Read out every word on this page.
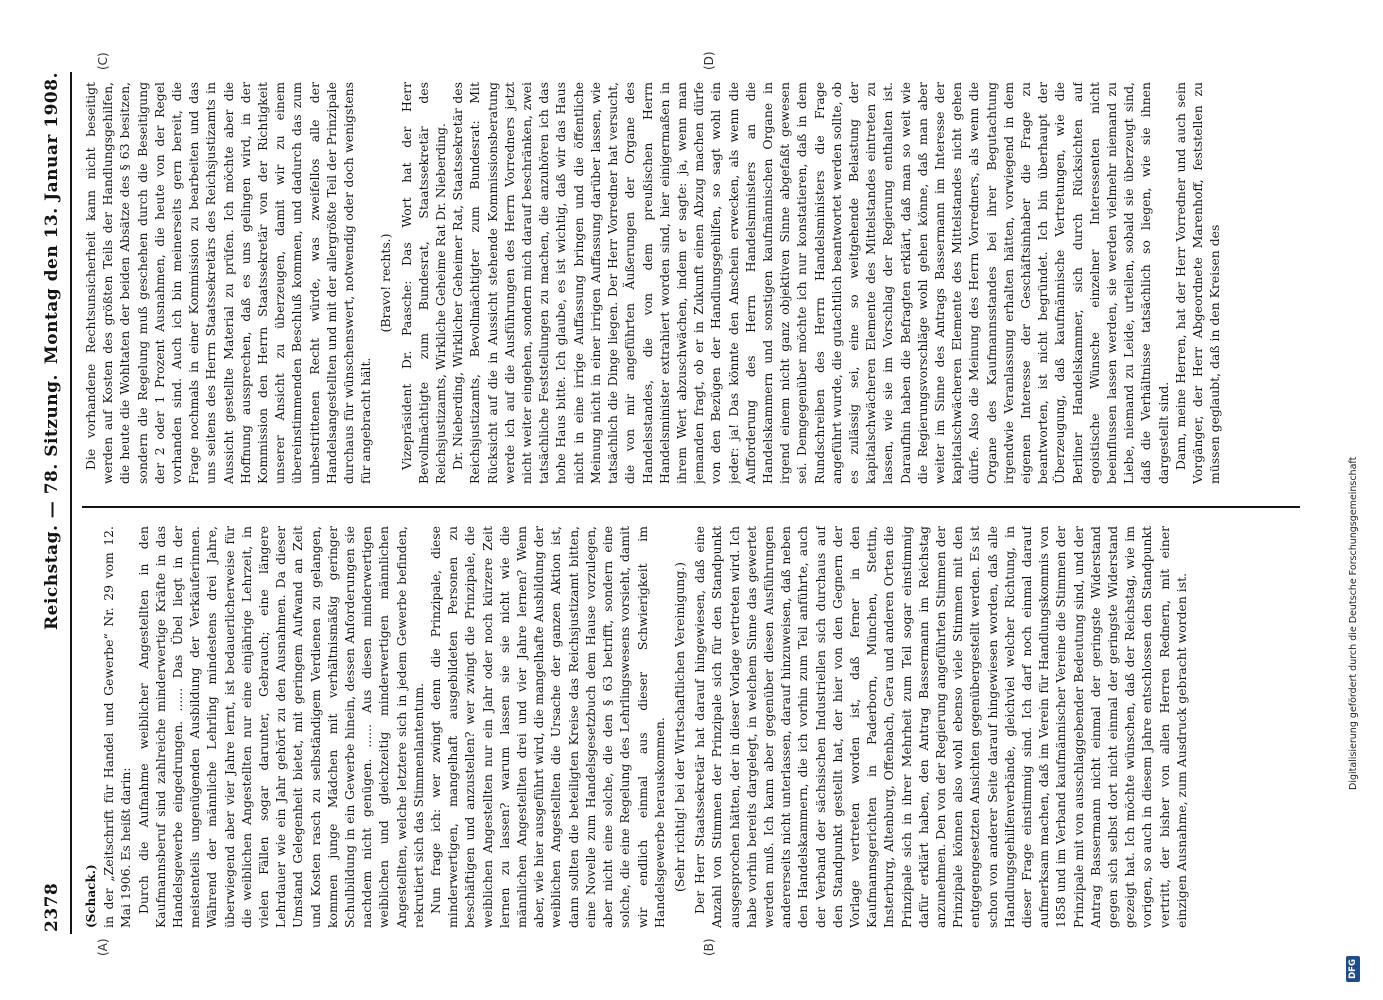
2378
Reichstag. — 78. Sitzung.
Montag den 13. Januar 1908.
(A)	(B)
(C)	(D)

(Schack.) in der „Zeitschrift für Handel und Gewerbe“ Nr. 29 vom 12. Mai 1906. Es heißt darin: Durch die Aufnahme weiblicher Angestellten in den Kaufmannsberuf sind zahlreiche minderwertige Kräfte in das Handelsgewerbe eingedrungen. ...... Das Übel liegt in der meistenteils ungenügenden Ausbildung der Verkäuferinnen. Während der männliche Lehrling mindestens drei Jahre, überwiegend aber vier Jahre lernt, ist bedauerlicherweise für die weiblichen Angestellten nur eine einjährige Lehrzeit, in vielen Fällen sogar darunter, Gebrauch; eine längere Lehrdauer wie ein Jahr gehört zu den Ausnahmen. Da dieser Umstand Gelegenheit bietet, mit geringem Aufwand an Zeit und Kosten rasch zu selbständigem Verdienen zu gelangen, kommen junge Mädchen mit verhältnismäßig geringer Schulbildung in ein Gewerbe hinein, dessen Anforderungen sie nachdem nicht genügen. ...... Aus diesen minderwertigen weiblichen und gleichzeitig minderwertigen männlichen Angestellten, welche letztere sich in jedem Gewerbe befinden, rekrutiert sich das Stimmenlantentum. Nun frage ich: wer zwingt denn die Prinzipale, diese minderwertigen, mangelhaft ausgebildeten Personen zu beschäftigen und anzustellen? wer zwingt die Prinzipale, die weiblichen Angestellten nur ein Jahr oder noch kürzere Zeit lernen zu lassen? warum lassen sie sie nicht wie die männlichen Angestellten drei und vier Jahre lernen? Wenn aber, wie hier ausgeführt wird, die mangelhafte Ausbildung der weiblichen Angestellten die Ursache der ganzen Aktion ist, dann sollten die beteiligten Kreise das Reichsjustizamt bitten, eine Novelle zum Handelsgesetzbuch dem Hause vorzulegen, aber nicht eine solche, die den § 63 betrifft, sondern eine solche, die eine Regelung des Lehrlingswesens vorsieht, damit wir endlich einmal aus dieser Schwierigkeit im Handelsgewerbe herauskommen. (Sehr richtig! bei der Wirtschaftlichen Vereinigung.) Der Herr Staatssekretär hat darauf hingewiesen, daß eine Anzahl von Stimmen der Prinzipale sich für den Standpunkt ausgesprochen hätten, der in dieser Vorlage vertreten wird. Ich habe vorhin bereits dargelegt, in welchem Sinne das gewertet werden muß. Ich kann aber gegenüber diesen Ausführungen andererseits nicht unterlassen, darauf hinzuweisen, daß neben den Handelskammern, die ich vorhin zum Teil anführte, auch der Verband der sächsischen Industriellen sich durchaus auf den Standpunkt gestellt hat, der hier von den Gegnern der Vorlage vertreten worden ist, daß ferner in den Kaufmannsgerichten in Paderborn, München, Stettin, Insterburg, Altenburg, Offenbach, Gera und anderen Orten die Prinzipale sich in ihrer Mehrheit zum Teil sogar einstimmig dafür erklärt haben, den Antrag Bassermann im Reichstag anzunehmen. Den von der Regierung angeführten Stimmen der Prinzipale können also wohl ebenso viele Stimmen mit den entgegengesetzten Ansichten gegenübergestellt werden. Es ist schon von anderer Seite darauf hingewiesen worden, daß alle Handlungsgehilfenverbände, gleichviel welcher Richtung, in dieser Frage einstimmig sind. Ich darf noch einmal darauf aufmerksam machen, daß im Verein für Handlungskommis von 1858 und im Verband kaufmännischer Vereine die Stimmen der Prinzipale mit von ausschlaggebender Bedeutung sind, und der Antrag Bassermann nicht einmal der geringste Widerstand gegen sich selbst dort nicht einmal der geringste Widerstand gezeigt hat. Ich möchte wünschen, daß der Reichstag, wie im vorigen, so auch in diesem Jahre entschlossen den Standpunkt vertritt, der bisher von allen Herren Rednern, mit einer einzigen Ausnahme, zum Ausdruck gebracht worden ist.

Die vorhandene Rechtsunsicherheit kann nicht beseitigt werden auf Kosten des größten Teils der Handlungsgehilfen, die heute die Wohltaten der beiden Absätze des § 63 besitzen, sondern die Regelung muß geschehen durch die Beseitigung der 2 oder 1 Prozent Ausnahmen, die heute von der Regel vorhanden sind. Auch ich bin meinerseits gern bereit, die Frage nochmals in einer Kommission zu bearbeiten und das uns seitens des Herrn Staatssekretärs des Reichsjustizamts in Aussicht gestellte Material zu prüfen. Ich möchte aber die Hoffnung aussprechen, daß es uns gelingen wird, in der Kommission den Herrn Staatssekretär von der Richtigkeit unserer Ansicht zu überzeugen, damit wir zu einem übereinstimmenden Beschluß kommen, und dadurch das zum unbestrittenen Recht würde, was zweifellos alle der Handelsangestellten und mit der allergrößte Teil der Prinzipale durchaus für wünschenswert, notwendig oder doch wenigstens für angebracht hält.

(Bravo! rechts.) Vizepräsident Dr. Paasche: Das Wort hat der Herr Bevollmächtigte zum Bundesrat, Staatssekretär des Reichsjustizamts, Wirkliche Geheime Rat Dr. Nieberding. Dr. Nieberding, Wirklicher Geheimer Rat, Staatssekretär des Reichsjustizamts, Bevollmächtigter zum Bundesrat: Mit Rücksicht auf die in Aussicht stehende Kommissionsberatung werde ich auf die Ausführungen des Herrn Vorredners jetzt nicht weiter eingehen, sondern mich darauf beschränken, zwei tatsächliche Feststellungen zu machen, die anzuhören ich das hohe Haus bitte. Ich glaube, es ist wichtig, daß wir das Haus nicht in eine irrige Auffassung bringen und die öffentliche Meinung nicht in einer irrigen Auffassung darüber lassen, wie tatsächlich die Dinge liegen. Der Herr Vorredner hat versucht, die von mir angeführten Äußerungen der Organe des Handelsstandes, die von dem preußischen Herrn Handelsminister extrahiert worden sind, hier einigermaßen in ihrem Wert abzuschwächen, indem er sagte: ja, wenn man jemanden fragt, ob er in Zukunft einen Abzug machen dürfe von den Bezügen der Handlungsgehilfen, so sagt wohl ein jeder: ja! Das könnte den Anschein erwecken, als wenn die Aufforderung des Herrn Handelsministers an die Handelskammern und sonstigen kaufmännischen Organe in irgend einem nicht ganz objektiven Sinne abgefaßt gewesen sei. Demgegenüber möchte ich nur konstatieren, daß in dem Rundschreiben des Herrn Handelsministers die Frage angeführt wurde, die gutachtlich beantwortet werden sollte, ob es zulässig sei, eine so weitgehende Belastung der kapitalschwächeren Elemente des Mittelstandes eintreten zu lassen, wie sie im Vorschlag der Regierung enthalten ist. Daraufhin haben die Befragten erklärt, daß man so weit wie die Regierungsvorschläge wohl gehen könne, daß man aber weiter im Sinne des Antrags Bassermann im Interesse der kapitalschwächeren Elemente des Mittelstandes nicht gehen dürfe. Also die Meinung des Herrn Vorredners, als wenn die Organe des Kaufmannsstandes bei ihrer Begutachtung irgendwie Veranlassung erhalten hätten, vorwiegend in dem eigenen Interesse der Geschäftsinhaber die Frage zu beantworten, ist nicht begründet. Ich bin überhaupt der Überzeugung, daß kaufmännische Vertretungen, wie die Berliner Handelskammer, sich durch Rücksichten auf egoistische Wünsche einzelner Interessenten nicht beeinflussen lassen werden, sie werden vielmehr niemand zu Liebe, niemand zu Leide, urteilen, sobald sie überzeugt sind, daß die Verhältnisse tatsächlich so liegen, wie sie ihnen dargestellt sind. Dann, meine Herren, hat der Herr Vorredner und auch sein Vorgänger, der Herr Abgeordnete Marenhoff, feststellen zu müssen geglaubt, daß in den Kreisen des

DFG
Digitalisierung gefördert durch die Deutsche Forschungsgemeinschaft
